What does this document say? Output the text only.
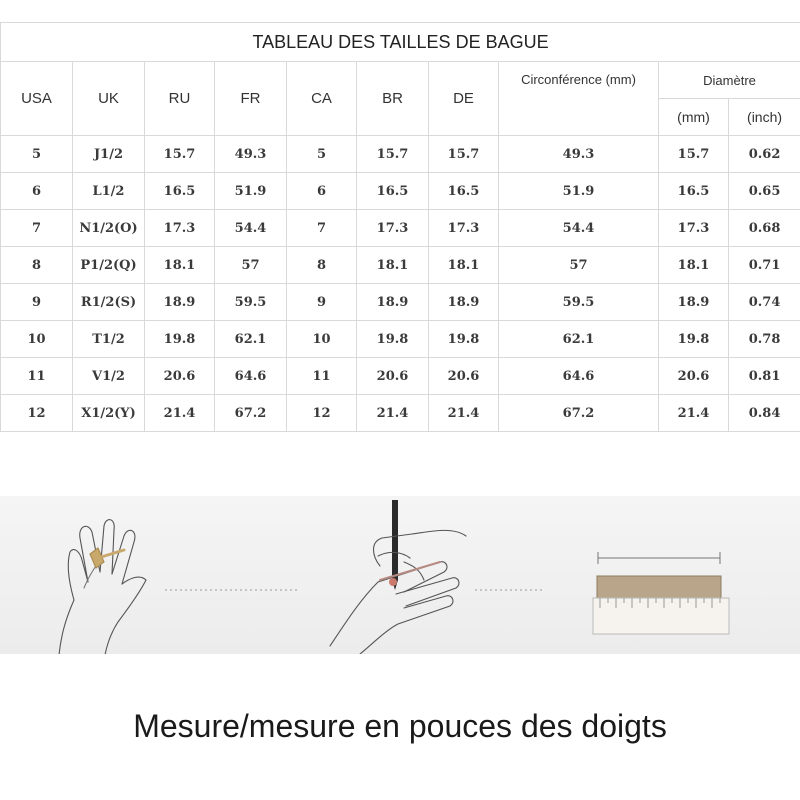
TABLEAU DES TAILLES DE BAGUE									
USA	UK	RU	FR	CA	BR	DE	Circonférence (mm)	Diamètre	
								(mm)	(inch)
5	J1/2	15.7	49.3	5	15.7	15.7	49.3	15.7	0.62
6	L1/2	16.5	51.9	6	16.5	16.5	51.9	16.5	0.65
7	N1/2(O)	17.3	54.4	7	17.3	17.3	54.4	17.3	0.68
8	P1/2(Q)	18.1	57	8	18.1	18.1	57	18.1	0.71
9	R1/2(S)	18.9	59.5	9	18.9	18.9	59.5	18.9	0.74
10	T1/2	19.8	62.1	10	19.8	19.8	62.1	19.8	0.78
11	V1/2	20.6	64.6	11	20.6	20.6	64.6	20.6	0.81
12	X1/2(Y)	21.4	67.2	12	21.4	21.4	67.2	21.4	0.84
Mesure/mesure en pouces des doigts
